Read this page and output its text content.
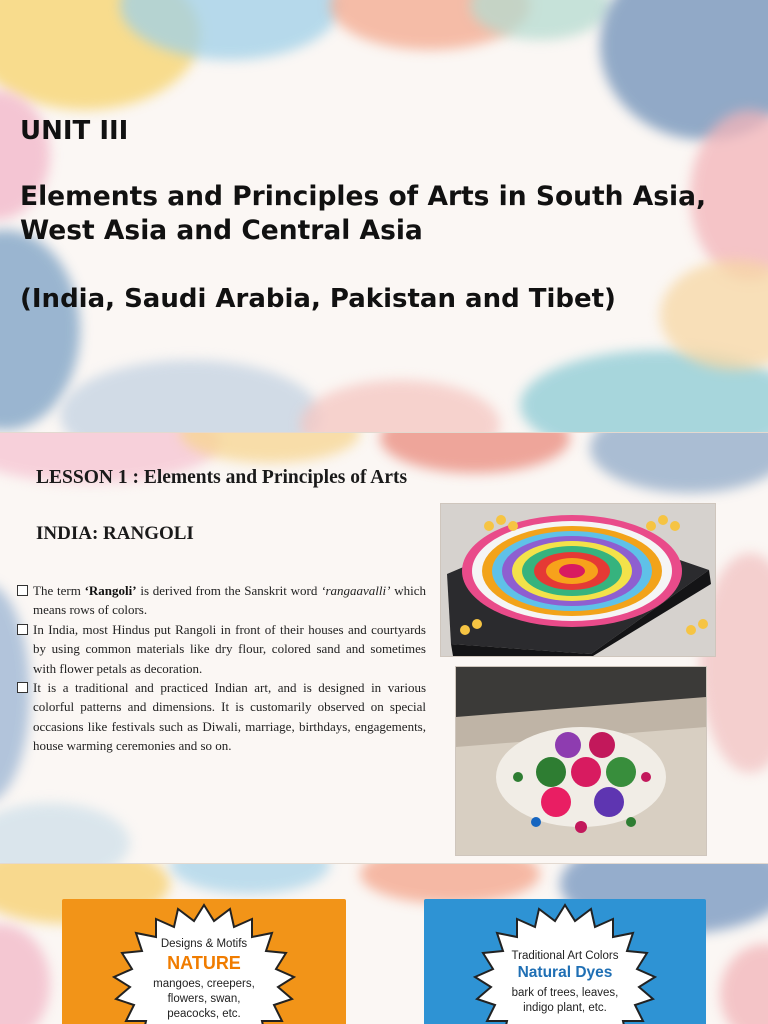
UNIT III
Elements and Principles of Arts in South Asia, West Asia and Central Asia
(India, Saudi Arabia, Pakistan and Tibet)
LESSON 1 : Elements and Principles of Arts
INDIA: RANGOLI
The term ‘Rangoli’ is derived from the Sanskrit word ‘rangaavalli’ which means rows of colors.
In India, most Hindus put Rangoli in front of their houses and courtyards by using common materials like dry flour, colored sand and sometimes with flower petals as decoration.
It is a traditional and practiced Indian art, and is designed in various colorful patterns and dimensions. It is customarily observed on special occasions like festivals such as Diwali, marriage, birthdays, engagements, house warming ceremonies and so on.
Designs & Motifs
NATURE
mangoes, creepers,
flowers, swan,
peacocks, etc.
Traditional Art Colors
Natural Dyes
bark of trees, leaves,
indigo plant, etc.
